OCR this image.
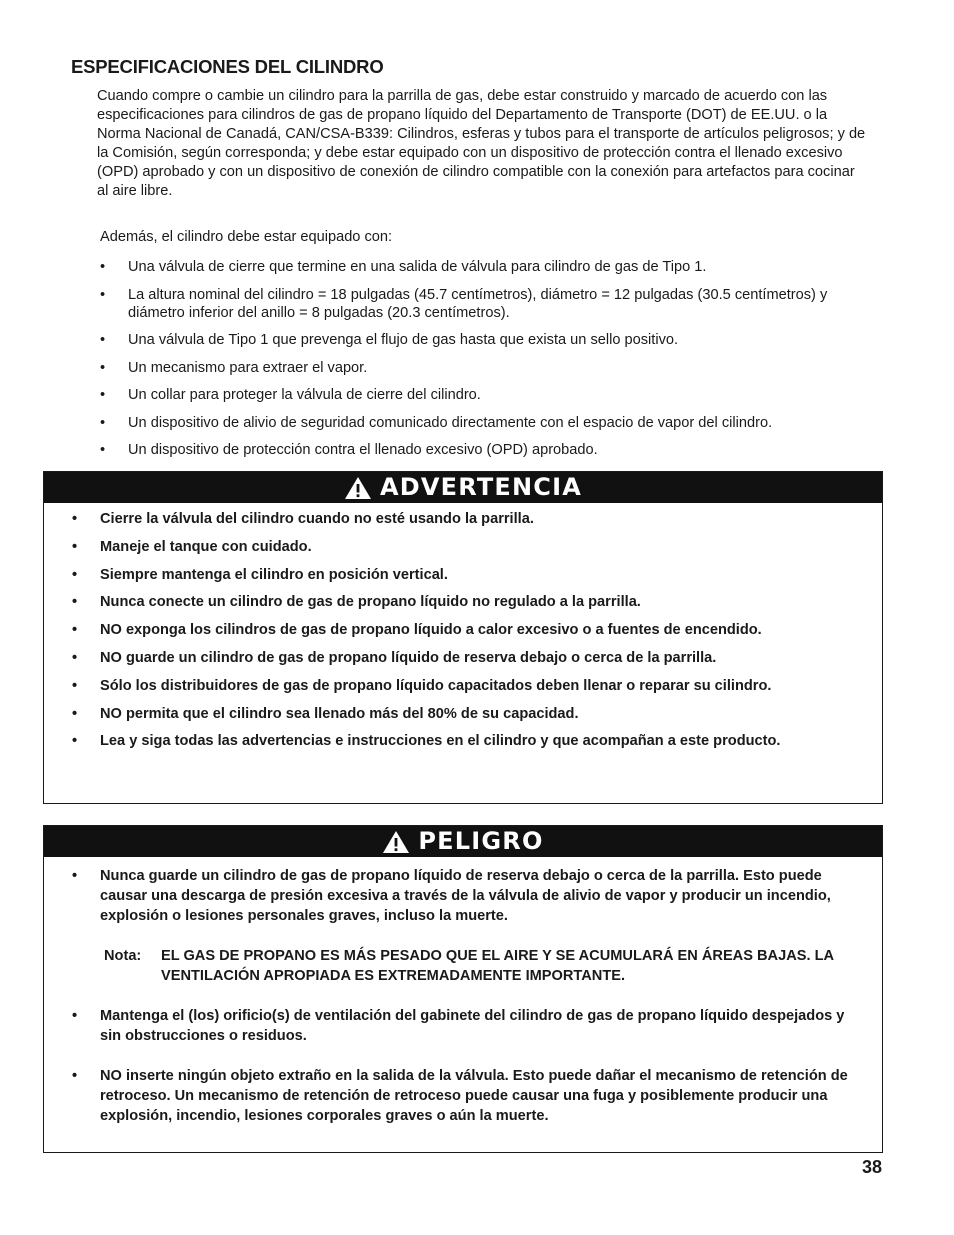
ESPECIFICACIONES DEL CILINDRO

Cuando compre o cambie un cilindro para la parrilla de gas, debe estar construido y marcado de acuerdo con las especificaciones para cilindros de gas de propano líquido del Departamento de Transporte (DOT) de EE.UU. o la Norma Nacional de Canadá, CAN/CSA-B339: Cilindros, esferas y tubos para el transporte de artículos peligrosos; y de la Comisión, según corresponda; y debe estar equipado con un dispositivo de protección contra el llenado excesivo (OPD) aprobado y con un dispositivo de conexión de cilindro compatible con la conexión para artefactos para cocinar al aire libre.

Además, el cilindro debe estar equipado con:

• Una válvula de cierre que termine en una salida de válvula para cilindro de gas de Tipo 1.
• La altura nominal del cilindro = 18 pulgadas (45.7 centímetros), diámetro = 12 pulgadas (30.5 centímetros) y diámetro inferior del anillo = 8 pulgadas (20.3 centímetros).
• Una válvula de Tipo 1 que prevenga el flujo de gas hasta que exista un sello positivo.
• Un mecanismo para extraer el vapor.
• Un collar para proteger la válvula de cierre del cilindro.
• Un dispositivo de alivio de seguridad comunicado directamente con el espacio de vapor del cilindro.
• Un dispositivo de protección contra el llenado excesivo (OPD) aprobado.
ADVERTENCIA
• Cierre la válvula del cilindro cuando no esté usando la parrilla.
• Maneje el tanque con cuidado.
• Siempre mantenga el cilindro en posición vertical.
• Nunca conecte un cilindro de gas de propano líquido no regulado a la parrilla.
• NO exponga los cilindros de gas de propano líquido a calor excesivo o a fuentes de encendido.
• NO guarde un cilindro de gas de propano líquido de reserva debajo o cerca de la parrilla.
• Sólo los distribuidores de gas de propano líquido capacitados deben llenar o reparar su cilindro.
• NO permita que el cilindro sea llenado más del 80% de su capacidad.
• Lea y siga todas las advertencias e instrucciones en el cilindro y que acompañan a este producto.
PELIGRO
• Nunca guarde un cilindro de gas de propano líquido de reserva debajo o cerca de la parrilla. Esto puede causar una descarga de presión excesiva a través de la válvula de alivio de vapor y producir un incendio, explosión o lesiones personales graves, incluso la muerte.
Nota:	EL GAS DE PROPANO ES MÁS PESADO QUE EL AIRE Y SE ACUMULARÁ EN ÁREAS BAJAS. LA VENTILACIÓN APROPIADA ES EXTREMADAMENTE IMPORTANTE.
• Mantenga el (los) orificio(s) de ventilación del gabinete del cilindro de gas de propano líquido despejados y sin obstrucciones o residuos.
• NO inserte ningún objeto extraño en la salida de la válvula. Esto puede dañar el mecanismo de retención de retroceso. Un mecanismo de retención de retroceso puede causar una fuga y posiblemente producir una explosión, incendio, lesiones corporales graves o aún la muerte.
38
